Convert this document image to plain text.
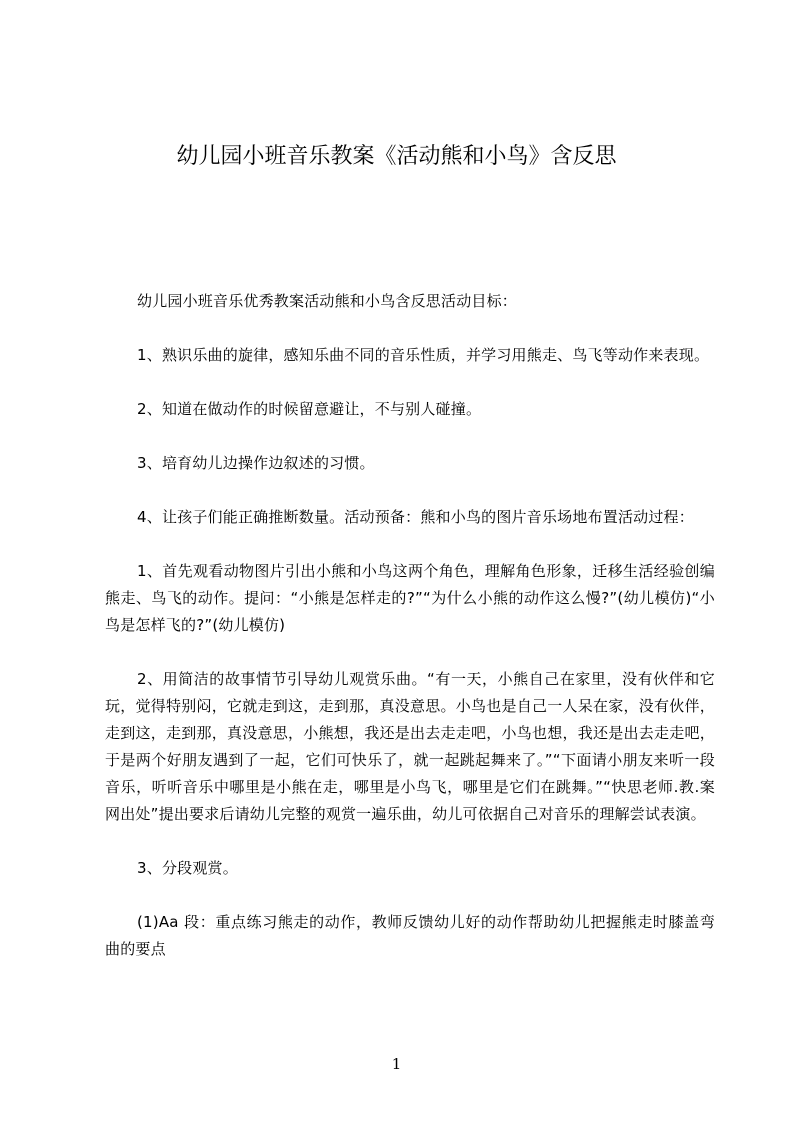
幼儿园小班音乐教案《活动熊和小鸟》含反思

幼儿园小班音乐优秀教案活动熊和小鸟含反思活动目标：

1、熟识乐曲的旋律，感知乐曲不同的音乐性质，并学习用熊走、鸟飞等动作来表现。

2、知道在做动作的时候留意避让，不与别人碰撞。

3、培育幼儿边操作边叙述的习惯。

4、让孩子们能正确推断数量。活动预备：熊和小鸟的图片音乐场地布置活动过程：

1、首先观看动物图片引出小熊和小鸟这两个角色，理解角色形象，迁移生活经验创编熊走、鸟飞的动作。提问：“小熊是怎样走的?”“为什么小熊的动作这么慢?”(幼儿模仿)“小鸟是怎样飞的?”(幼儿模仿)

2、用简洁的故事情节引导幼儿观赏乐曲。“有一天，小熊自己在家里，没有伙伴和它玩，觉得特别闷，它就走到这，走到那，真没意思。小鸟也是自己一人呆在家，没有伙伴，走到这，走到那，真没意思，小熊想，我还是出去走走吧，小鸟也想，我还是出去走走吧，于是两个好朋友遇到了一起，它们可快乐了，就一起跳起舞来了。”“下面请小朋友来听一段音乐，听听音乐中哪里是小熊在走，哪里是小鸟飞，哪里是它们在跳舞。”“快思老师.教.案网出处”提出要求后请幼儿完整的观赏一遍乐曲，幼儿可依据自己对音乐的理解尝试表演。

3、分段观赏。

(1)Aa 段：重点练习熊走的动作，教师反馈幼儿好的动作帮助幼儿把握熊走时膝盖弯曲的要点

1
